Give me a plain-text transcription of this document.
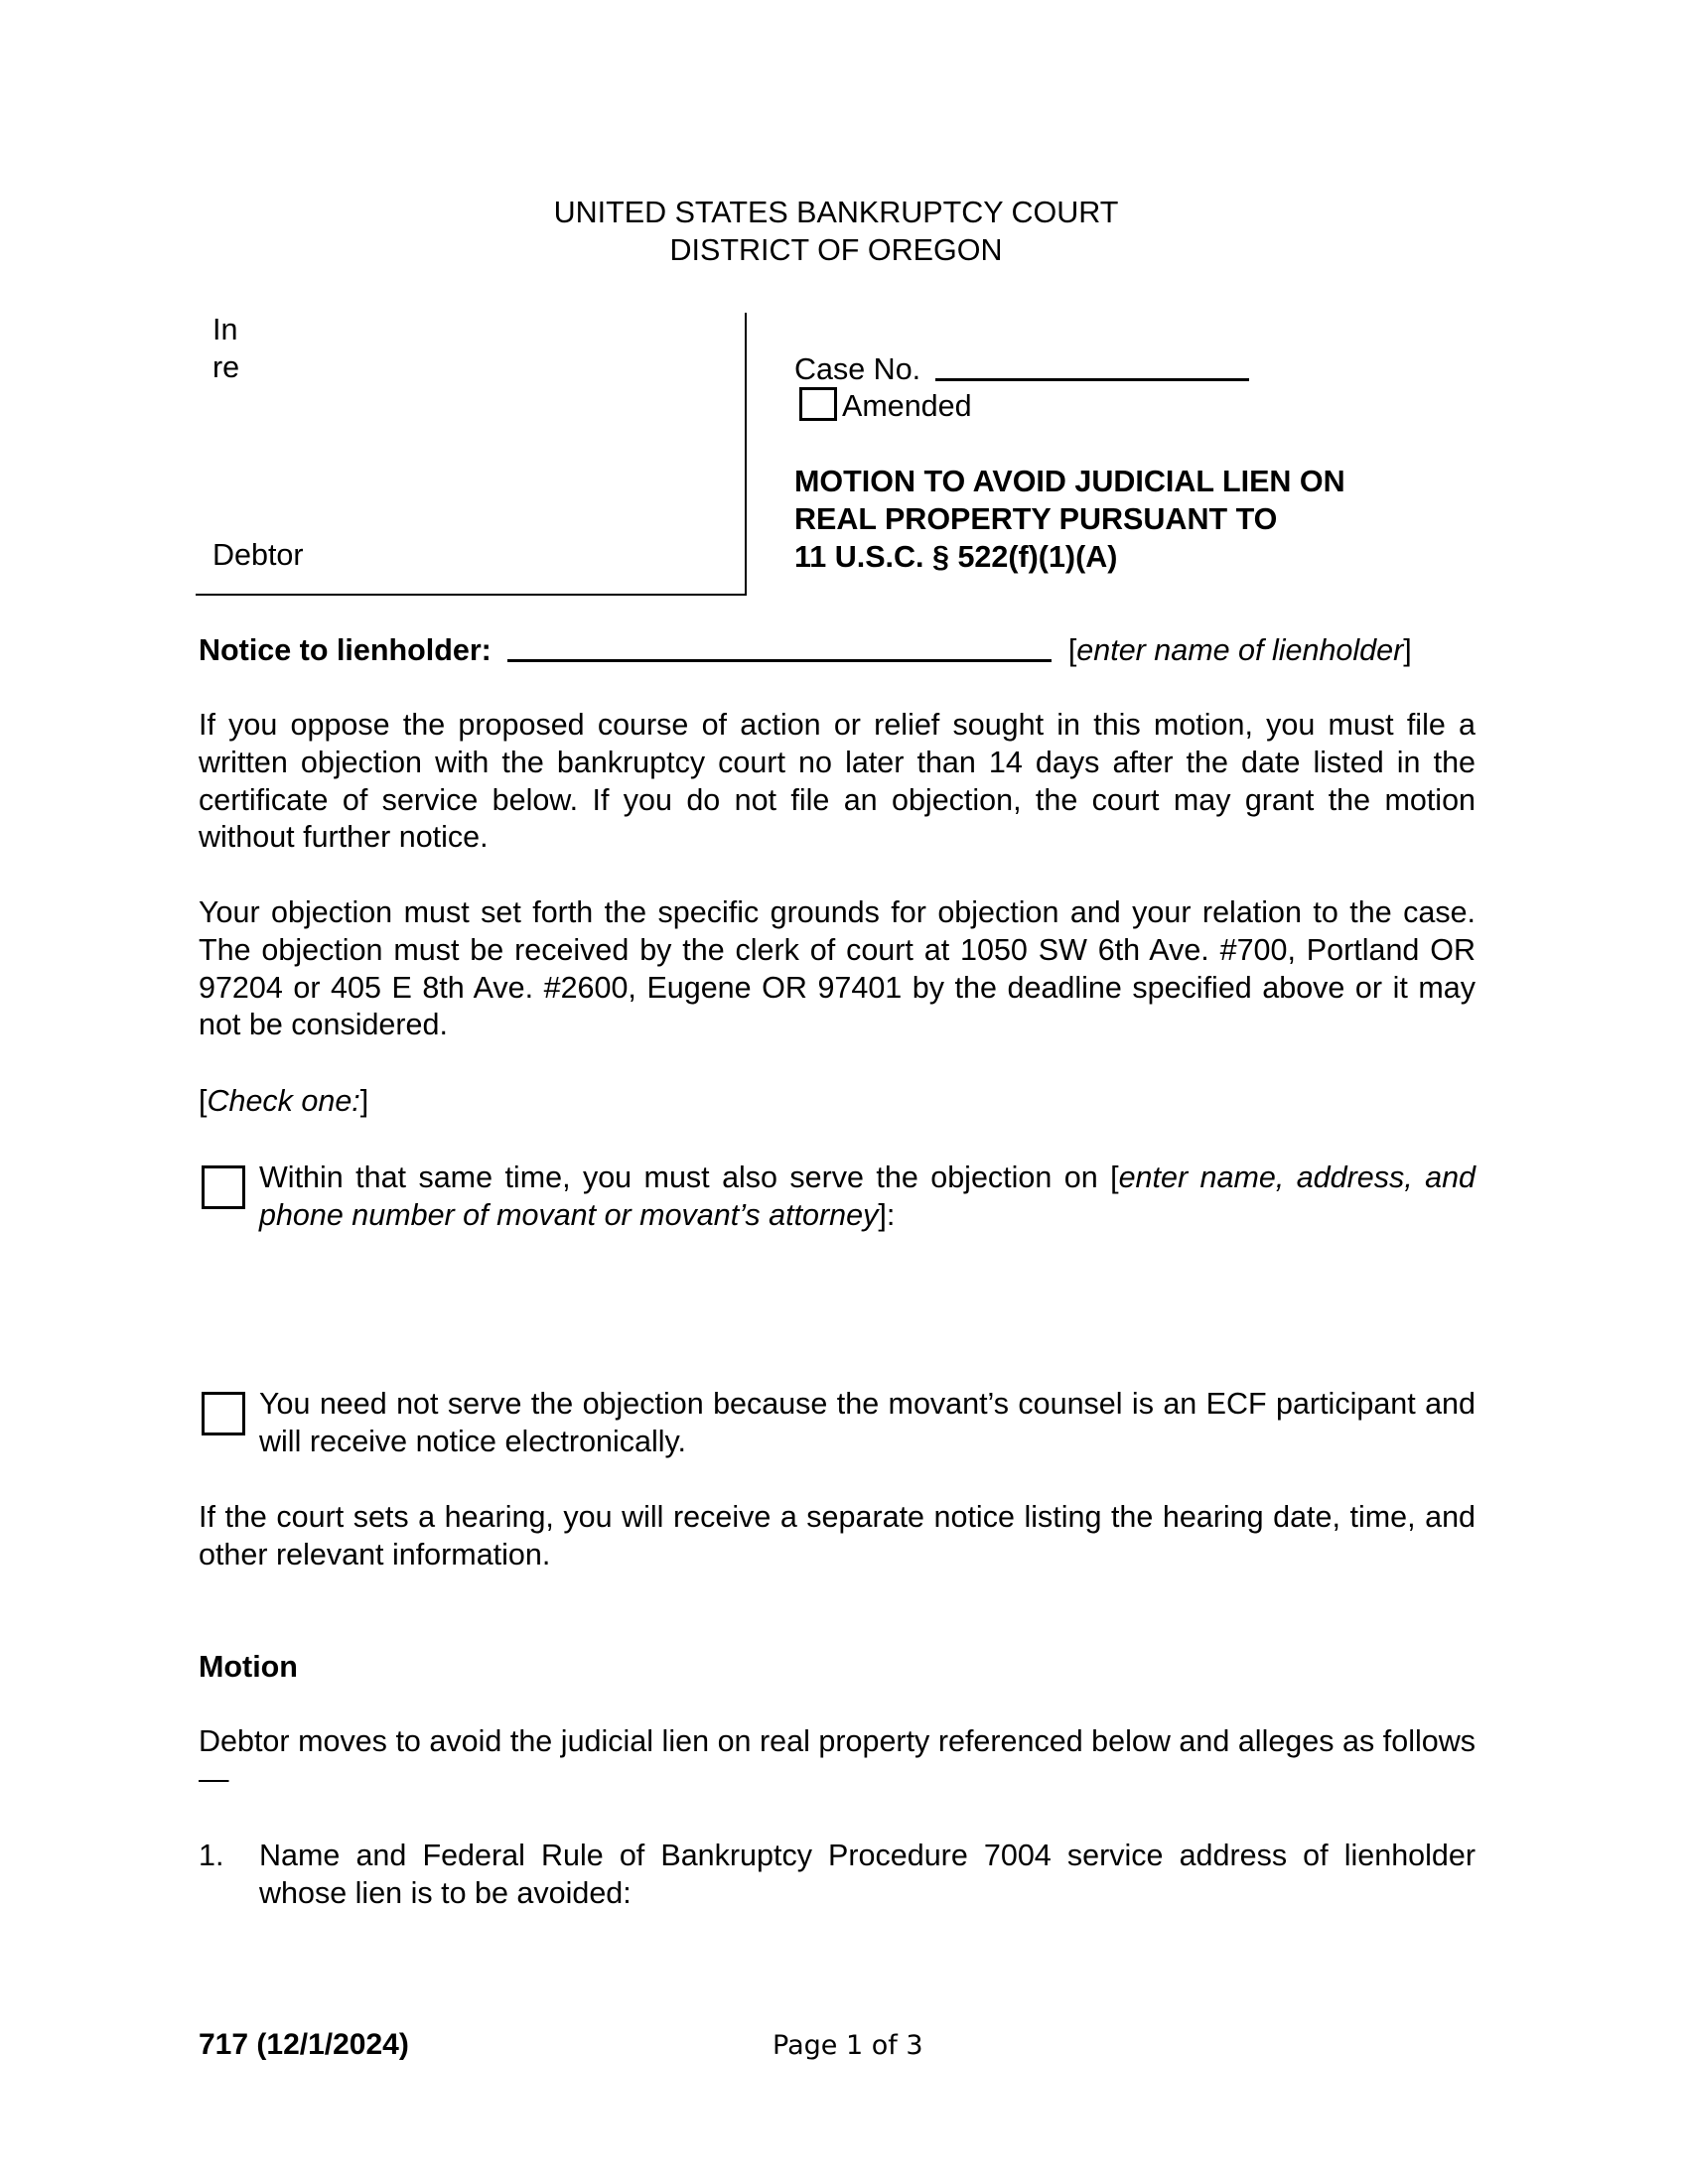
UNITED STATES BANKRUPTCY COURT
DISTRICT OF OREGON
In re
Debtor
Case No.
Amended
MOTION TO AVOID JUDICIAL LIEN ON
REAL PROPERTY PURSUANT TO
11 U.S.C. § 522(f)(1)(A)
Notice to lienholder:	[enter name of lienholder]
If you oppose the proposed course of action or relief sought in this motion, you must file a written objection with the bankruptcy court no later than 14 days after the date listed in the certificate of service below. If you do not file an objection, the court may grant the motion without further notice.
Your objection must set forth the specific grounds for objection and your relation to the case. The objection must be received by the clerk of court at 1050 SW 6th Ave. #700, Portland OR 97204 or 405 E 8th Ave. #2600, Eugene OR 97401 by the deadline specified above or it may not be considered.
[Check one:]
Within that same time, you must also serve the objection on [enter name, address, and phone number of movant or movant’s attorney]:
You need not serve the objection because the movant’s counsel is an ECF participant and will receive notice electronically.
If the court sets a hearing, you will receive a separate notice listing the hearing date, time, and other relevant information.
Motion
Debtor moves to avoid the judicial lien on real property referenced below and alleges as follows—
1. Name and Federal Rule of Bankruptcy Procedure 7004 service address of lienholder whose lien is to be avoided:
717 (12/1/2024)	Page 1 of 3
